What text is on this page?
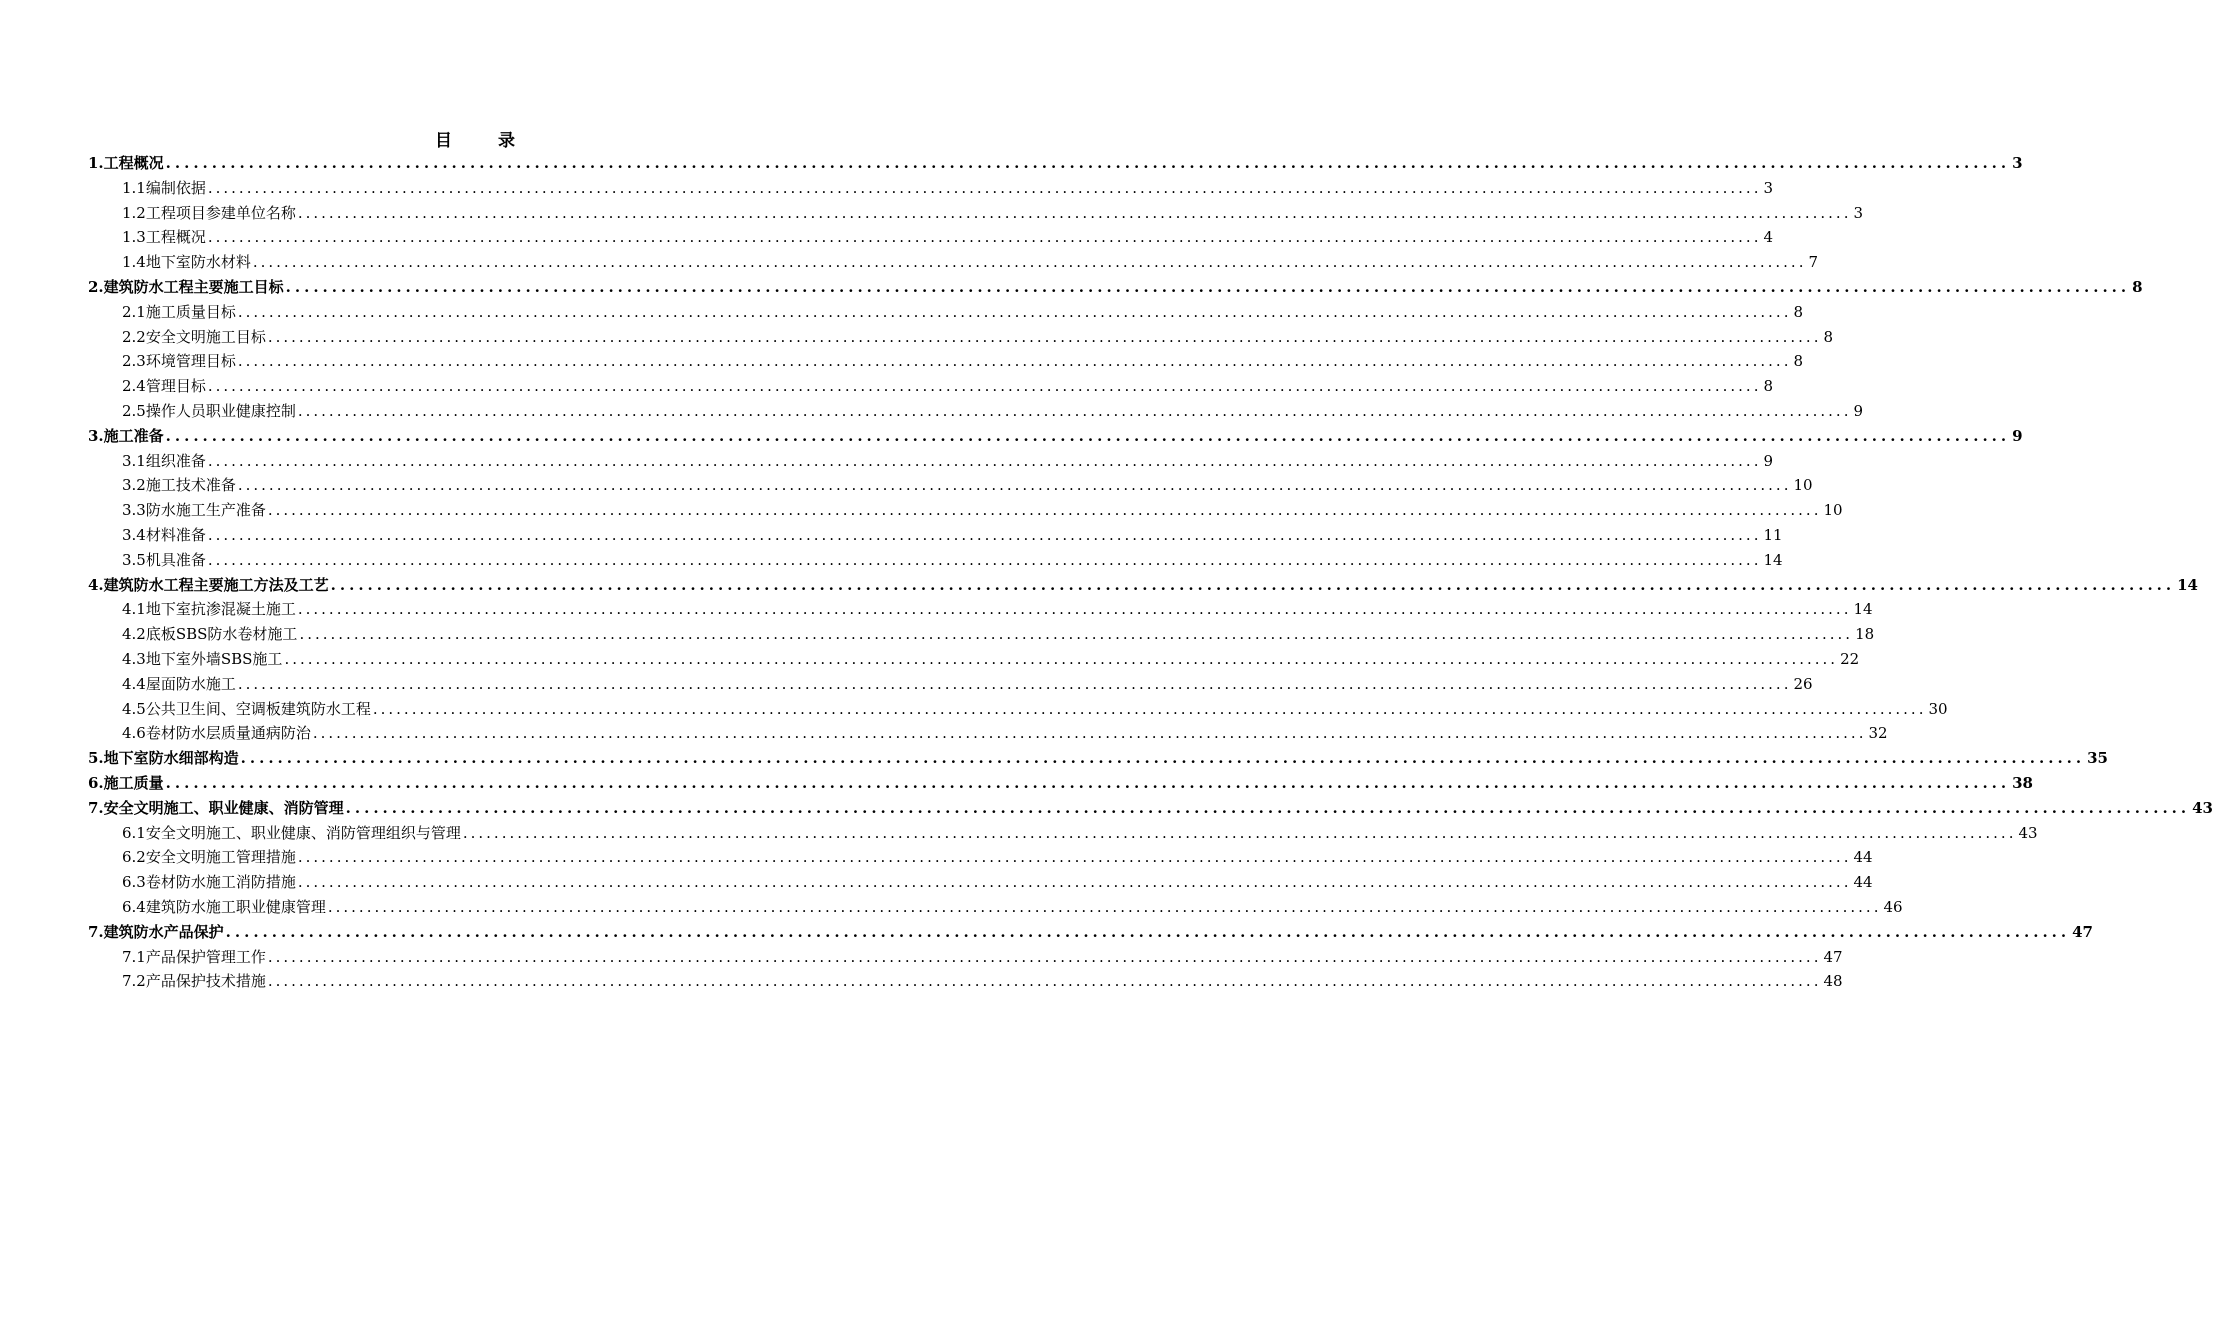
目 录
1.工程概况 ........................................................................................................................................................................................................ 3
1.1编制依据 ........................................................................................................................................................................................................ 3
1.2工程项目参建单位名称 ........................................................................................................................................................................................................ 3
1.3工程概况 ........................................................................................................................................................................................................ 4
1.4地下室防水材料 ........................................................................................................................................................................................................ 7
2.建筑防水工程主要施工目标 ........................................................................................................................................................................................................ 8
2.1施工质量目标 ........................................................................................................................................................................................................ 8
2.2安全文明施工目标 ........................................................................................................................................................................................................ 8
2.3环境管理目标 ........................................................................................................................................................................................................ 8
2.4管理目标 ........................................................................................................................................................................................................ 8
2.5操作人员职业健康控制 ........................................................................................................................................................................................................ 9
3.施工准备 ........................................................................................................................................................................................................ 9
3.1组织准备 ........................................................................................................................................................................................................ 9
3.2施工技术准备 ........................................................................................................................................................................................................ 10
3.3防水施工生产准备 ........................................................................................................................................................................................................ 10
3.4材料准备 ........................................................................................................................................................................................................ 11
3.5机具准备 ........................................................................................................................................................................................................ 14
4.建筑防水工程主要施工方法及工艺 ........................................................................................................................................................................................................ 14
4.1地下室抗渗混凝土施工 ........................................................................................................................................................................................................ 14
4.2底板SBS防水卷材施工 ........................................................................................................................................................................................................ 18
4.3地下室外墙SBS施工 ........................................................................................................................................................................................................ 22
4.4屋面防水施工 ........................................................................................................................................................................................................ 26
4.5公共卫生间、空调板建筑防水工程 ........................................................................................................................................................................................................ 30
4.6卷材防水层质量通病防治 ........................................................................................................................................................................................................ 32
5.地下室防水细部构造 ........................................................................................................................................................................................................ 35
6.施工质量 ........................................................................................................................................................................................................ 38
7.安全文明施工、职业健康、消防管理 ........................................................................................................................................................................................................ 43
6.1安全文明施工、职业健康、消防管理组织与管理 ........................................................................................................................................................................................................ 43
6.2安全文明施工管理措施 ........................................................................................................................................................................................................ 44
6.3卷材防水施工消防措施 ........................................................................................................................................................................................................ 44
6.4建筑防水施工职业健康管理 ........................................................................................................................................................................................................ 46
7.建筑防水产品保护 ........................................................................................................................................................................................................ 47
7.1产品保护管理工作 ........................................................................................................................................................................................................ 47
7.2产品保护技术措施 ........................................................................................................................................................................................................ 48
